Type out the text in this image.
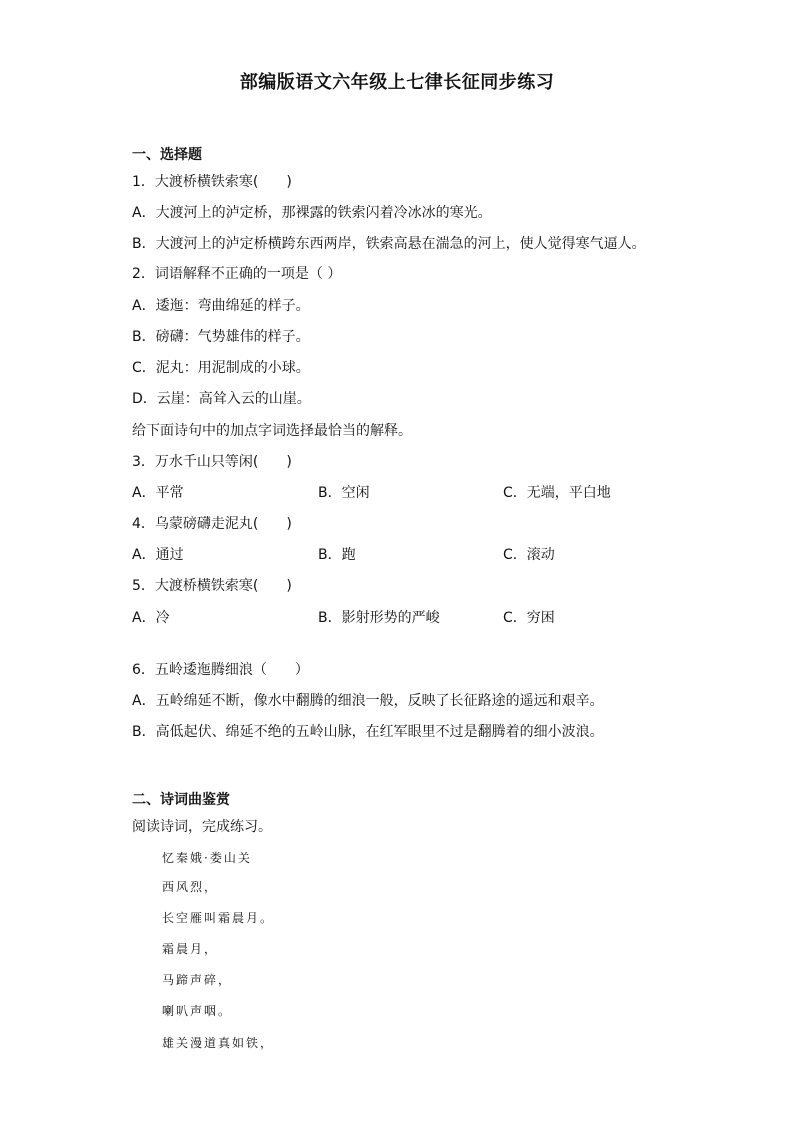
部编版语文六年级上七律长征同步练习
一、选择题
1．大渡桥横铁索寒(　　)
A．大渡河上的泸定桥，那裸露的铁索闪着冷冰冰的寒光。
B．大渡河上的泸定桥横跨东西两岸，铁索高悬在湍急的河上，使人觉得寒气逼人。
2．词语解释不正确的一项是（ ）
A．逶迤：弯曲绵延的样子。
B．磅礴：气势雄伟的样子。
C．泥丸：用泥制成的小球。
D．云崖：高耸入云的山崖。
给下面诗句中的加点字词选择最恰当的解释。
3．万水千山只等闲(　　)
A．平常	B．空闲	C．无端，平白地
4．乌蒙磅礴走泥丸(　　)
A．通过	B．跑	C．滚动
5．大渡桥横铁索寒(　　)
A．冷	B．影射形势的严峻	C．穷困
6．五岭逶迤腾细浪（　　）
A．五岭绵延不断，像水中翻腾的细浪一般，反映了长征路途的遥远和艰辛。
B．高低起伏、绵延不绝的五岭山脉，在红军眼里不过是翻腾着的细小波浪。
二、诗词曲鉴赏
阅读诗词，完成练习。
忆秦娥·娄山关
西风烈，
长空雁叫霜晨月。
霜晨月，
马蹄声碎，
喇叭声咽。
雄关漫道真如铁，
